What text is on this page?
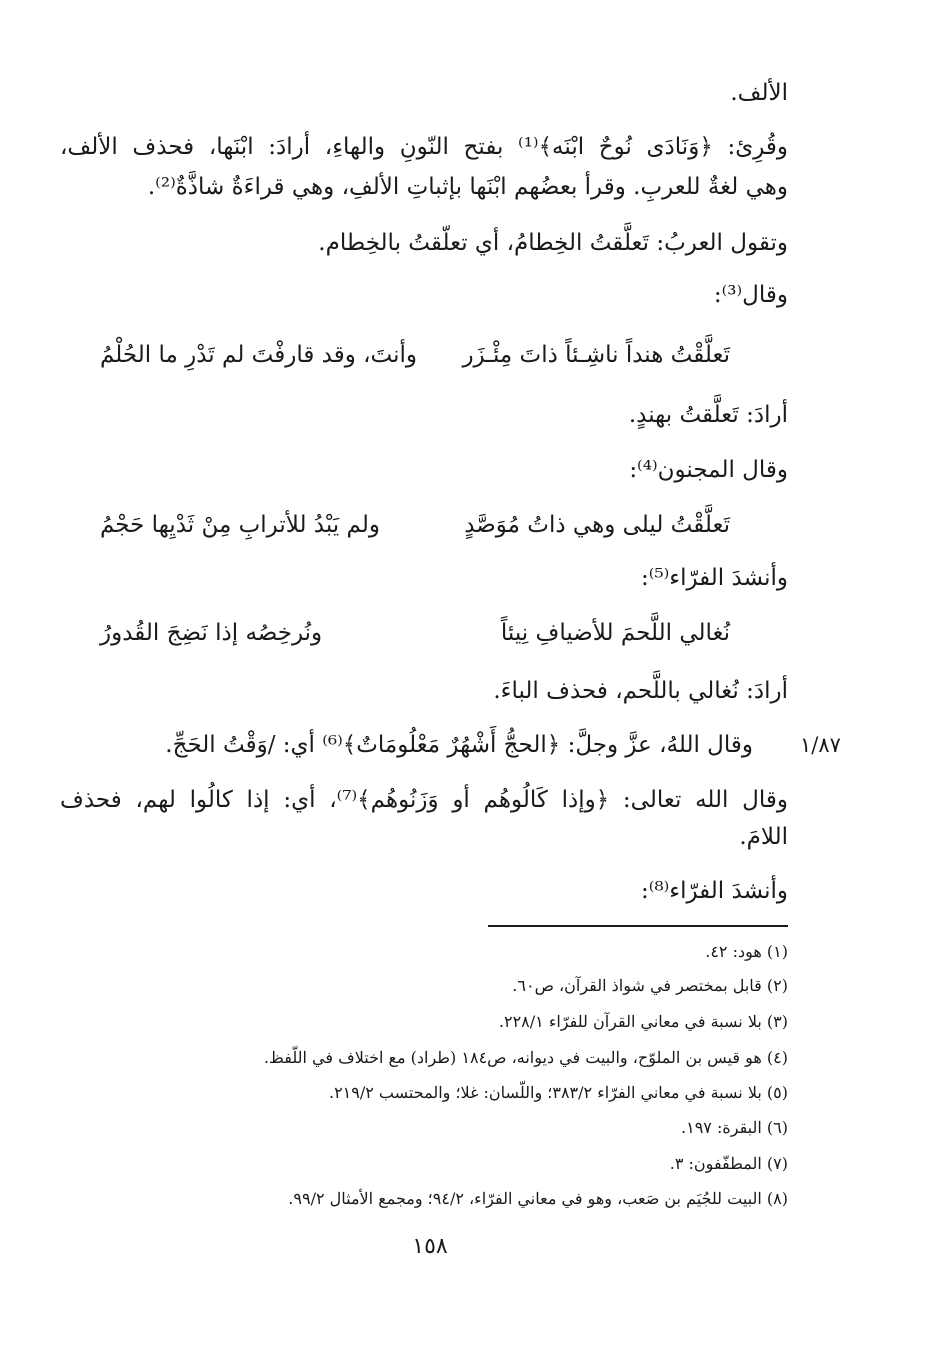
الألف.
وقُرِئ: ﴿وَنَادَى نُوحٌ ابْنَه﴾⁽¹⁾ بفتح النّونِ والهاءِ، أرادَ: ابْنَها، فحذف الألف،
وهي لغةٌ للعربِ. وقرأ بعضُهم ابْنَها بإثباتِ الألفِ، وهي قراءَةٌ شاذَّةٌ⁽²⁾.
وتقول العربُ: تَعلَّقتُ الخِطامُ، أي تعلّقتُ بالخِطام.
وقال⁽³⁾:
تَعلَّقْتُ هنداً ناشِـئاً ذاتَ مِئْـزَر
وأنتَ، وقد قارفْتَ لم تَدْرِ ما الحُلْمُ
أرادَ: تَعلَّقتُ بهندٍ.
وقال المجنون⁽⁴⁾:
تَعلَّقْتُ ليلى وهي ذاتُ مُوَصَّدٍ
ولم يَبْدُ للأترابِ مِنْ ثَدْيِها حَجْمُ
وأنشدَ الفرّاء⁽⁵⁾:
نُغالي اللَّحمَ للأضيافِ نِيئاً
ونُرخِصُه إذا نَضِجَ القُدورُ
أرادَ: نُغالي باللَّحم، فحذف الباءَ.
١/٨٧
وقال اللهُ، عزَّ وجلَّ: ﴿الحجُّ أَشْهُرٌ مَعْلُومَاتٌ﴾⁽⁶⁾ أي: /وَقْتُ الحَجِّ.
وقال الله تعالى: ﴿وإذا كَالُوهُم أو وَزَنُوهُم﴾⁽⁷⁾، أي: إذا كالُوا لهم، فحذف
اللامَ.
وأنشدَ الفرّاء⁽⁸⁾:
(١) هود: ٤٢.
(٢) قابل بمختصر في شواذ القرآن، ص٦٠.
(٣) بلا نسبة في معاني القرآن للفرّاء ٢٢٨/١.
(٤) هو قيس بن الملوّح، والبيت في ديوانه، ص١٨٤ (طراد) مع اختلاف في اللّفظ.
(٥) بلا نسبة في معاني الفرّاء ٣٨٣/٢؛ واللّسان: غلا؛ والمحتسب ٢١٩/٢.
(٦) البقرة: ١٩٧.
(٧) المطفّفون: ٣.
(٨) البيت للجُيَم بن صَعب، وهو في معاني الفرّاء، ٩٤/٢؛ ومجمع الأمثال ٩٩/٢.
١٥٨
